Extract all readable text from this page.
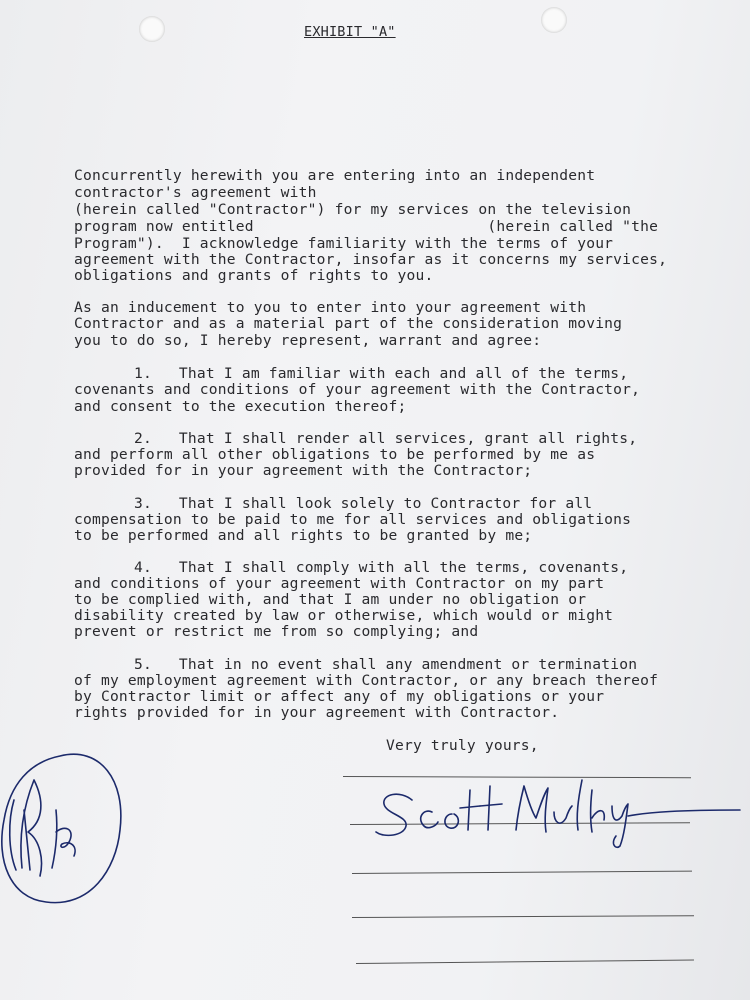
EXHIBIT "A"
Concurrently herewith you are entering into an independent
contractor's agreement with
(herein called "Contractor") for my services on the television
program now entitled                          (herein called "the
Program").  I acknowledge familiarity with the terms of your
agreement with the Contractor, insofar as it concerns my services,
obligations and grants of rights to you.
As an inducement to you to enter into your agreement with
Contractor and as a material part of the consideration moving
you to do so, I hereby represent, warrant and agree:
1.   That I am familiar with each and all of the terms,
covenants and conditions of your agreement with the Contractor,
and consent to the execution thereof;
2.   That I shall render all services, grant all rights,
and perform all other obligations to be performed by me as
provided for in your agreement with the Contractor;
3.   That I shall look solely to Contractor for all
compensation to be paid to me for all services and obligations
to be performed and all rights to be granted by me;
4.   That I shall comply with all the terms, covenants,
and conditions of your agreement with Contractor on my part
to be complied with, and that I am under no obligation or
disability created by law or otherwise, which would or might
prevent or restrict me from so complying; and
5.   That in no event shall any amendment or termination
of my employment agreement with Contractor, or any breach thereof
by Contractor limit or affect any of my obligations or your
rights provided for in your agreement with Contractor.
Very truly yours,
